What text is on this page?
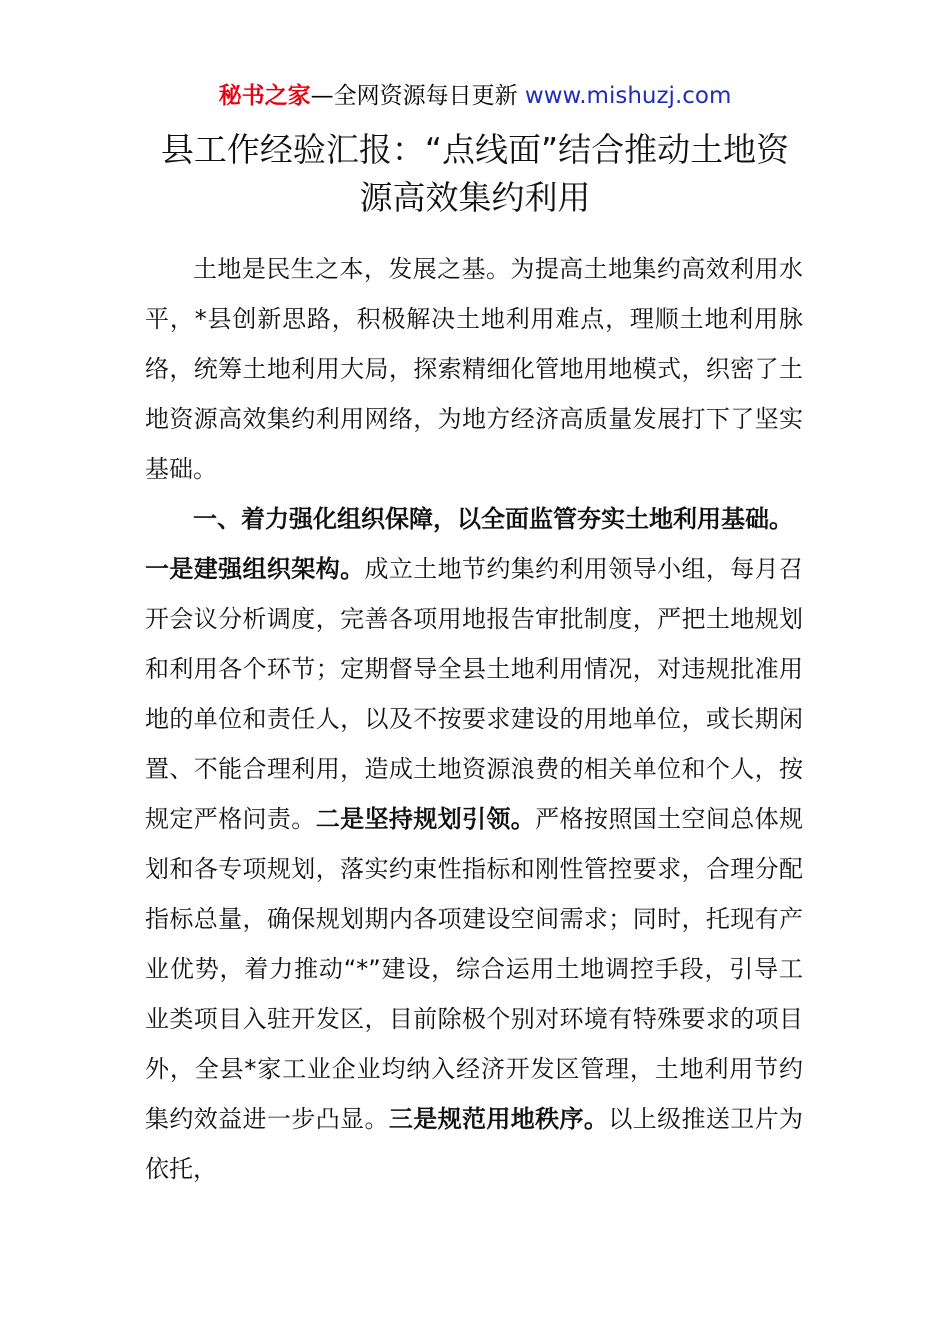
秘书之家—全网资源每日更新 www.mishuzj.com
县工作经验汇报：“点线面”结合推动土地资源高效集约利用

土地是民生之本，发展之基。为提高土地集约高效利用水平，*县创新思路，积极解决土地利用难点，理顺土地利用脉络，统筹土地利用大局，探索精细化管地用地模式，织密了土地资源高效集约利用网络，为地方经济高质量发展打下了坚实基础。

一、着力强化组织保障，以全面监管夯实土地利用基础。

一是建强组织架构。成立土地节约集约利用领导小组，每月召开会议分析调度，完善各项用地报告审批制度，严把土地规划和利用各个环节；定期督导全县土地利用情况，对违规批准用地的单位和责任人，以及不按要求建设的用地单位，或长期闲置、不能合理利用，造成土地资源浪费的相关单位和个人，按规定严格问责。二是坚持规划引领。严格按照国土空间总体规划和各专项规划，落实约束性指标和刚性管控要求，合理分配指标总量，确保规划期内各项建设空间需求；同时，托现有产业优势，着力推动“*”建设，综合运用土地调控手段，引导工业类项目入驻开发区，目前除极个别对环境有特殊要求的项目外，全县*家工业企业均纳入经济开发区管理，土地利用节约集约效益进一步凸显。三是规范用地秩序。以上级推送卫片为依托，
